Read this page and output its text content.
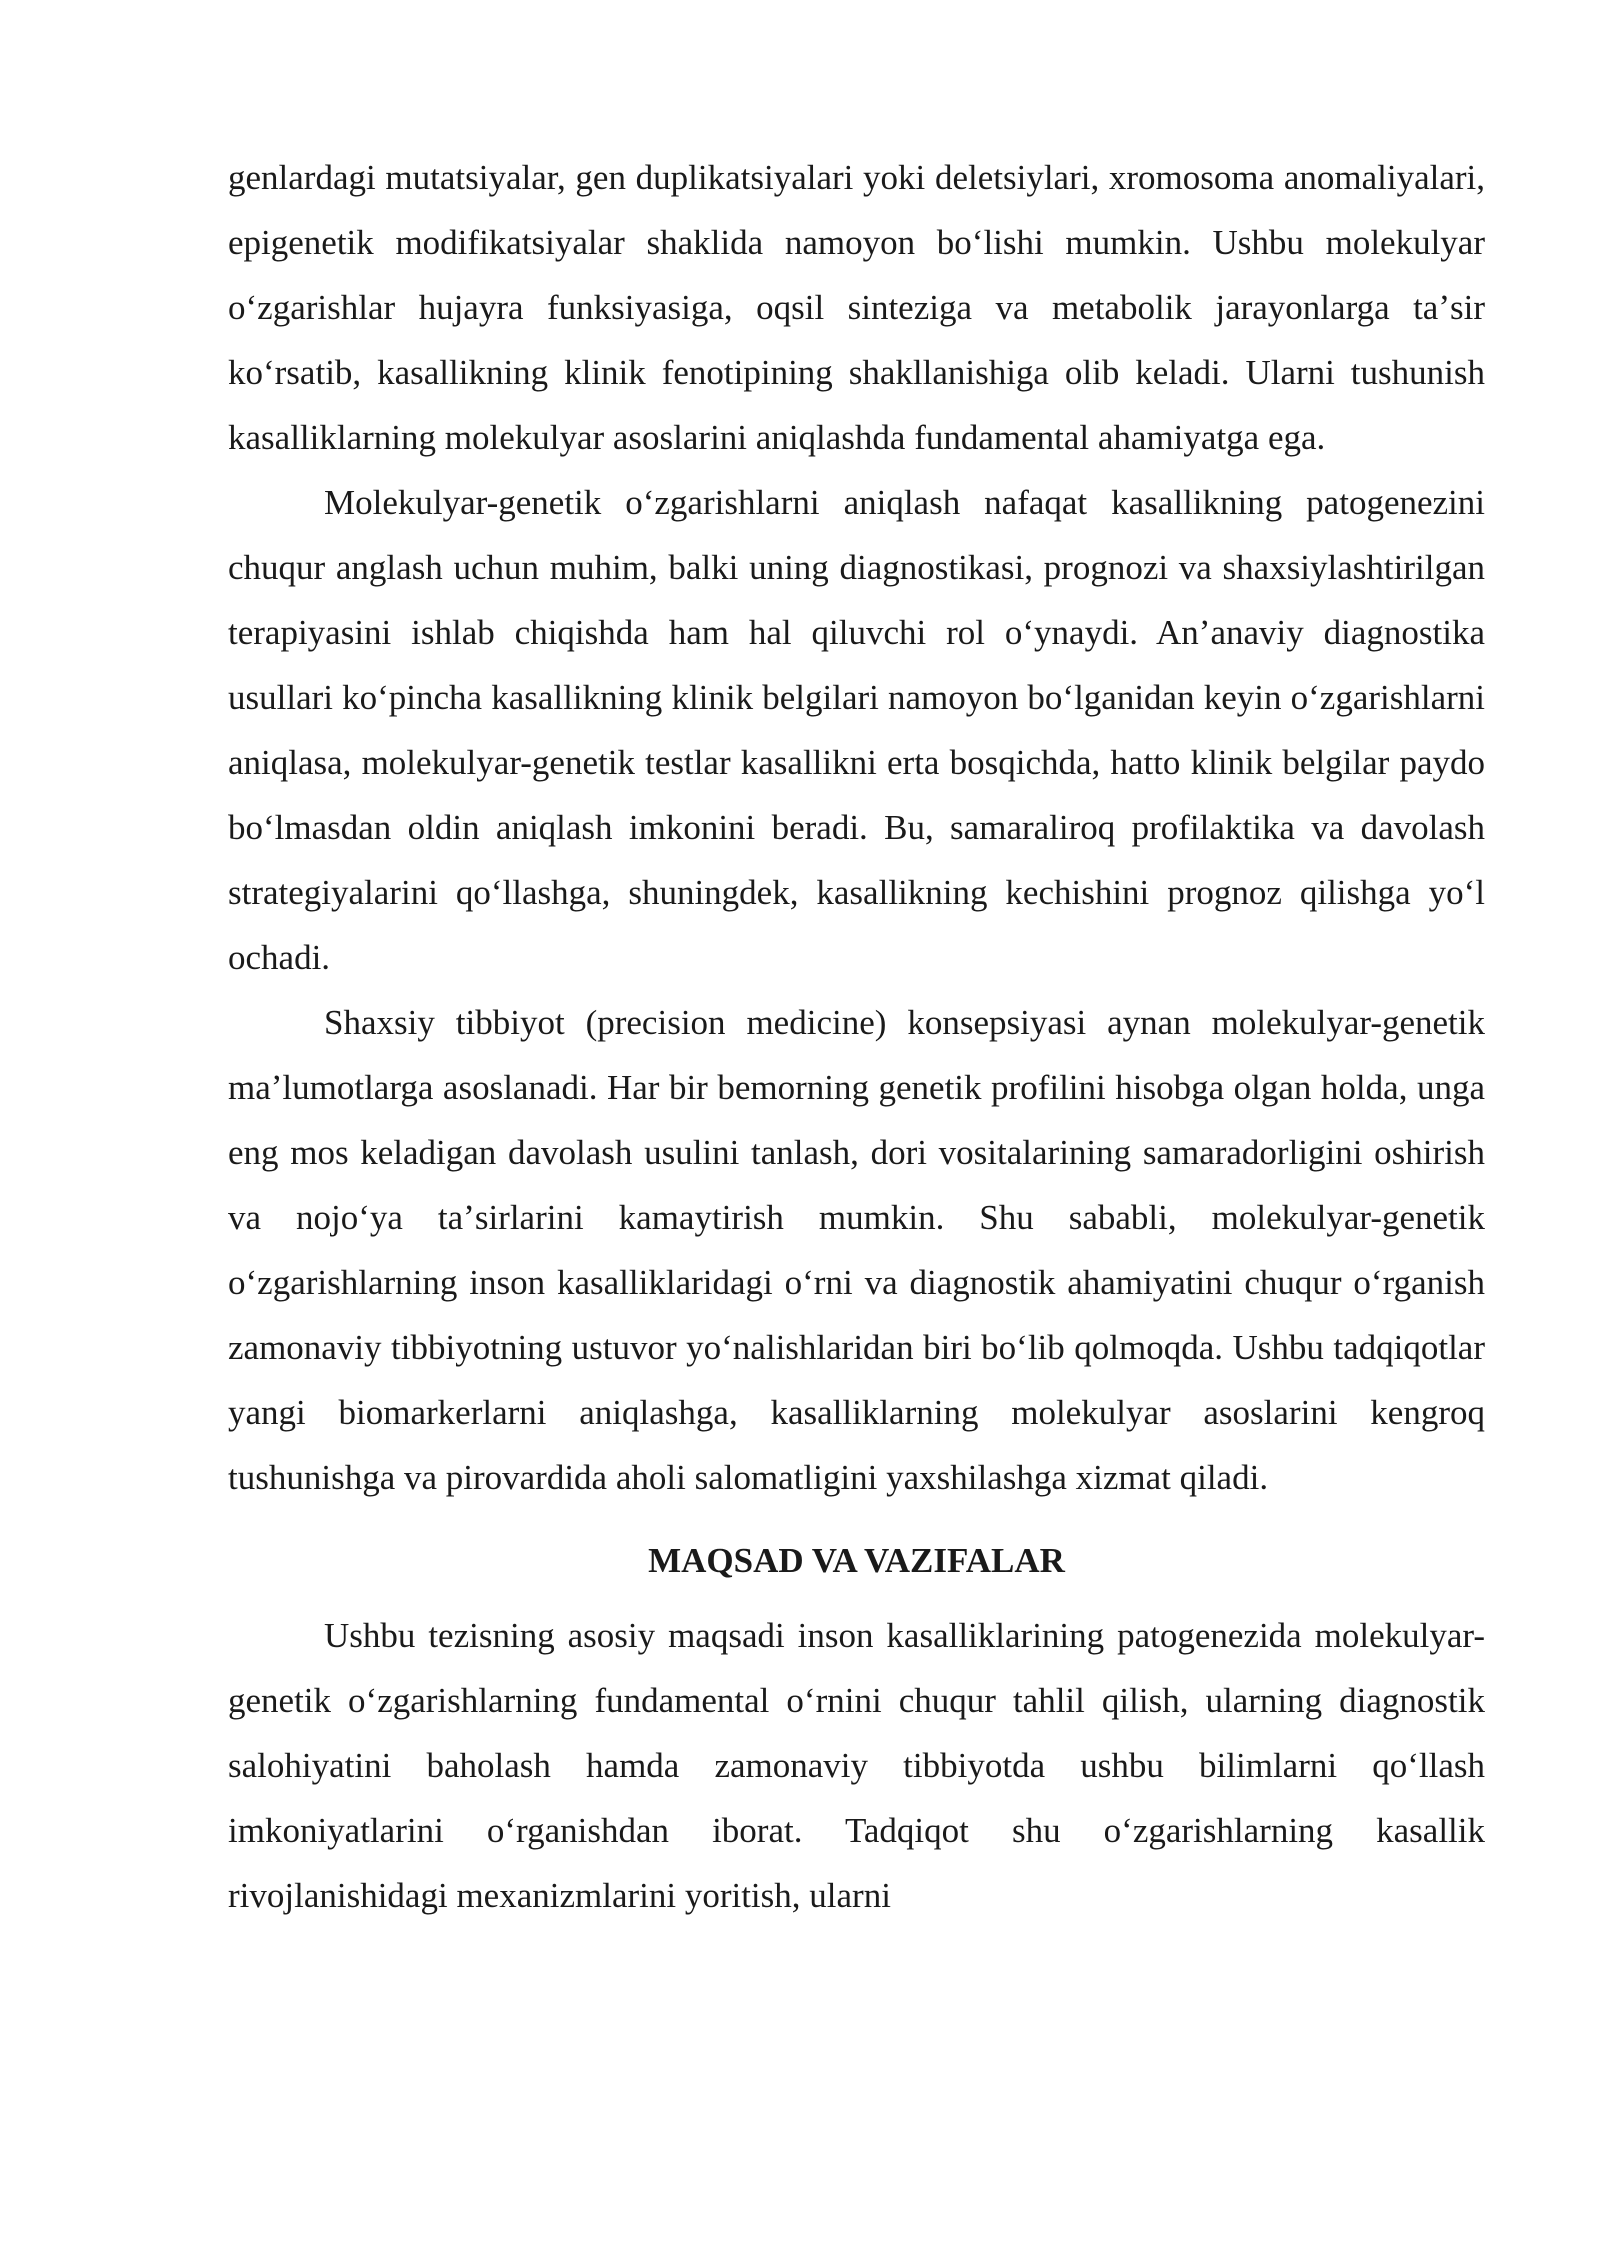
genlardagi mutatsiyalar, gen duplikatsiyalari yoki deletsiylari, xromosoma anomaliyalari, epigenetik modifikatsiyalar shaklida namoyon boʻlishi mumkin. Ushbu molekulyar oʻzgarishlar hujayra funksiyasiga, oqsil sinteziga va metabolik jarayonlarga taʼsir koʻrsatib, kasallikning klinik fenotipining shakllanishiga olib keladi. Ularni tushunish kasalliklarning molekulyar asoslarini aniqlashda fundamental ahamiyatga ega.

Molekulyar-genetik oʻzgarishlarni aniqlash nafaqat kasallikning patogenezini chuqur anglash uchun muhim, balki uning diagnostikasi, prognozi va shaxsiylashtirilgan terapiyasini ishlab chiqishda ham hal qiluvchi rol oʻynaydi. Anʼanaviy diagnostika usullari koʻpincha kasallikning klinik belgilari namoyon boʻlganidan keyin oʻzgarishlarni aniqlasa, molekulyar-genetik testlar kasallikni erta bosqichda, hatto klinik belgilar paydo boʻlmasdan oldin aniqlash imkonini beradi. Bu, samaraliroq profilaktika va davolash strategiyalarini qoʻllashga, shuningdek, kasallikning kechishini prognoz qilishga yoʻl ochadi.

Shaxsiy tibbiyot (precision medicine) konsepsiyasi aynan molekulyar-genetik maʼlumotlarga asoslanadi. Har bir bemorning genetik profilini hisobga olgan holda, unga eng mos keladigan davolash usulini tanlash, dori vositalarining samaradorligini oshirish va nojoʻya taʼsirlarini kamaytirish mumkin. Shu sababli, molekulyar-genetik oʻzgarishlarning inson kasalliklaridagi oʻrni va diagnostik ahamiyatini chuqur oʻrganish zamonaviy tibbiyotning ustuvor yoʻnalishlaridan biri boʻlib qolmoqda. Ushbu tadqiqotlar yangi biomarkerlarni aniqlashga, kasalliklarning molekulyar asoslarini kengroq tushunishga va pirovardida aholi salomatligini yaxshilashga xizmat qiladi.

MAQSAD VA VAZIFALAR

Ushbu tezisning asosiy maqsadi inson kasalliklarining patogenezida molekulyar-genetik oʻzgarishlarning fundamental oʻrnini chuqur tahlil qilish, ularning diagnostik salohiyatini baholash hamda zamonaviy tibbiyotda ushbu bilimlarni qoʻllash imkoniyatlarini oʻrganishdan iborat. Tadqiqot shu oʻzgarishlarning kasallik rivojlanishidagi mexanizmlarini yoritish, ularni
